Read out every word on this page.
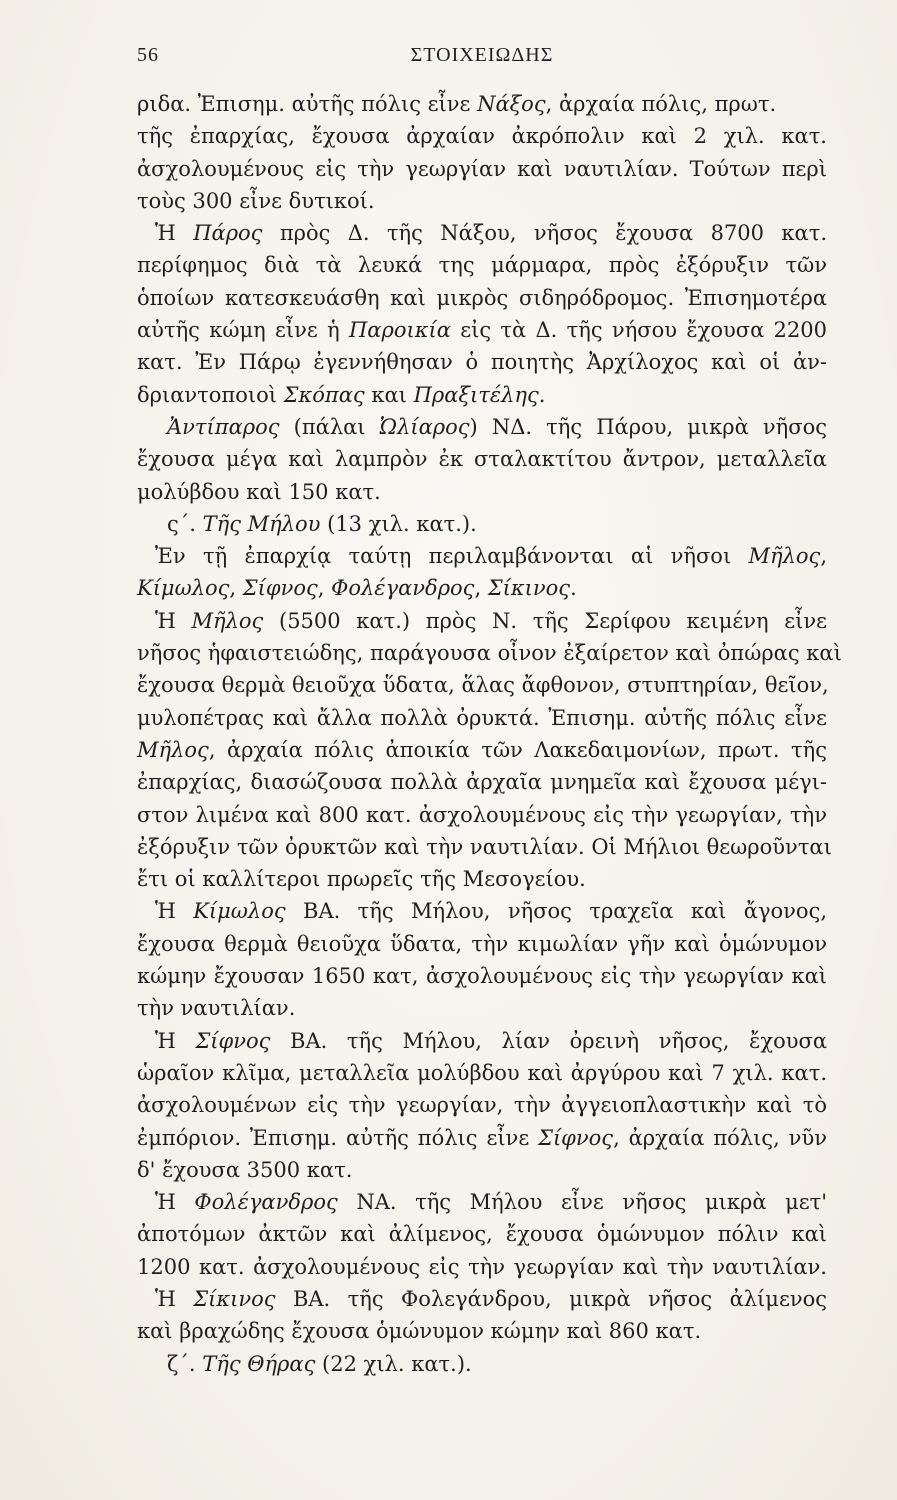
56	ΣΤΟΙΧΕΙΩΔΗΣ
ριδα. Ἐπισημ. αὐτῆς πόλις εἶνε Νάξος, ἀρχαία πόλις, πρωτ.
τῆς ἐπαρχίας, ἔχουσα ἀρχαίαν ἀκρόπολιν καὶ 2 χιλ. κατ.
ἀσχολουμένους εἰς τὴν γεωργίαν καὶ ναυτιλίαν. Τούτων περὶ
τοὺς 300 εἶνε δυτικοί.
Ἡ Πάρος πρὸς Δ. τῆς Νάξου, νῆσος ἔχουσα 8700 κατ.
περίφημος διὰ τὰ λευκά της μάρμαρα, πρὸς ἐξόρυξιν τῶν
ὁποίων κατεσκευάσθη καὶ μικρὸς σιδηρόδρομος. Ἐπισημοτέρα
αὐτῆς κώμη εἶνε ἡ Παροικία εἰς τὰ Δ. τῆς νήσου ἔχουσα 2200
κατ. Ἐν Πάρῳ ἐγεννήθησαν ὁ ποιητὴς Ἀρχίλοχος καὶ οἱ ἀν-
δριαντοποιοὶ Σκόπας και Πραξιτέλης.
Ἀντίπαρος (πάλαι Ὠλίαρος) ΝΔ. τῆς Πάρου, μικρὰ νῆσος
ἔχουσα μέγα καὶ λαμπρὸν ἐκ σταλακτίτου ἄντρον, μεταλλεῖα
μολύβδου καὶ 150 κατ.
ς΄. Τῆς Μήλου (13 χιλ. κατ.).
Ἐν τῇ ἐπαρχίᾳ ταύτῃ περιλαμβάνονται αἱ νῆσοι Μῆλος,
Κίμωλος, Σίφνος, Φολέγανδρος, Σίκινος.
Ἡ Μῆλος (5500 κατ.) πρὸς Ν. τῆς Σερίφου κειμένη εἶνε
νῆσος ἡφαιστειώδης, παράγουσα οἶνον ἐξαίρετον καὶ ὀπώρας καὶ
ἔχουσα θερμὰ θειοῦχα ὕδατα, ἅλας ἄφθονον, στυπτηρίαν, θεῖον,
μυλοπέτρας καὶ ἄλλα πολλὰ ὀρυκτά. Ἐπισημ. αὐτῆς πόλις εἶνε
Μῆλος, ἀρχαία πόλις ἀποικία τῶν Λακεδαιμονίων, πρωτ. τῆς
ἐπαρχίας, διασώζουσα πολλὰ ἀρχαῖα μνημεῖα καὶ ἔχουσα μέγι-
στον λιμένα καὶ 800 κατ. ἀσχολουμένους εἰς τὴν γεωργίαν, τὴν
ἐξόρυξιν τῶν ὀρυκτῶν καὶ τὴν ναυτιλίαν. Οἱ Μήλιοι θεωροῦνται
ἔτι οἱ καλλίτεροι πρωρεῖς τῆς Μεσογείου.
Ἡ Κίμωλος ΒΑ. τῆς Μήλου, νῆσος τραχεῖα καὶ ἄγονος,
ἔχουσα θερμὰ θειοῦχα ὕδατα, τὴν κιμωλίαν γῆν καὶ ὁμώνυμον
κώμην ἔχουσαν 1650 κατ, ἀσχολουμένους εἰς τὴν γεωργίαν καὶ
τὴν ναυτιλίαν.
Ἡ Σίφνος ΒΑ. τῆς Μήλου, λίαν ὀρεινὴ νῆσος, ἔχουσα
ὡραῖον κλῖμα, μεταλλεῖα μολύβδου καὶ ἀργύρου καὶ 7 χιλ. κατ.
ἀσχολουμένων εἰς τὴν γεωργίαν, τὴν ἀγγειοπλαστικὴν καὶ τὸ
ἐμπόριον. Ἐπισημ. αὐτῆς πόλις εἶνε Σίφνος, ἀρχαία πόλις, νῦν
δ' ἔχουσα 3500 κατ.
Ἡ Φολέγανδρος ΝΑ. τῆς Μήλου εἶνε νῆσος μικρὰ μετ'
ἀποτόμων ἀκτῶν καὶ ἀλίμενος, ἔχουσα ὁμώνυμον πόλιν καὶ
1200 κατ. ἀσχολουμένους εἰς τὴν γεωργίαν καὶ τὴν ναυτιλίαν.
Ἡ Σίκινος ΒΑ. τῆς Φολεγάνδρου, μικρὰ νῆσος ἀλίμενος
καὶ βραχώδης ἔχουσα ὁμώνυμον κώμην καὶ 860 κατ.
ζ΄. Τῆς Θήρας (22 χιλ. κατ.).
